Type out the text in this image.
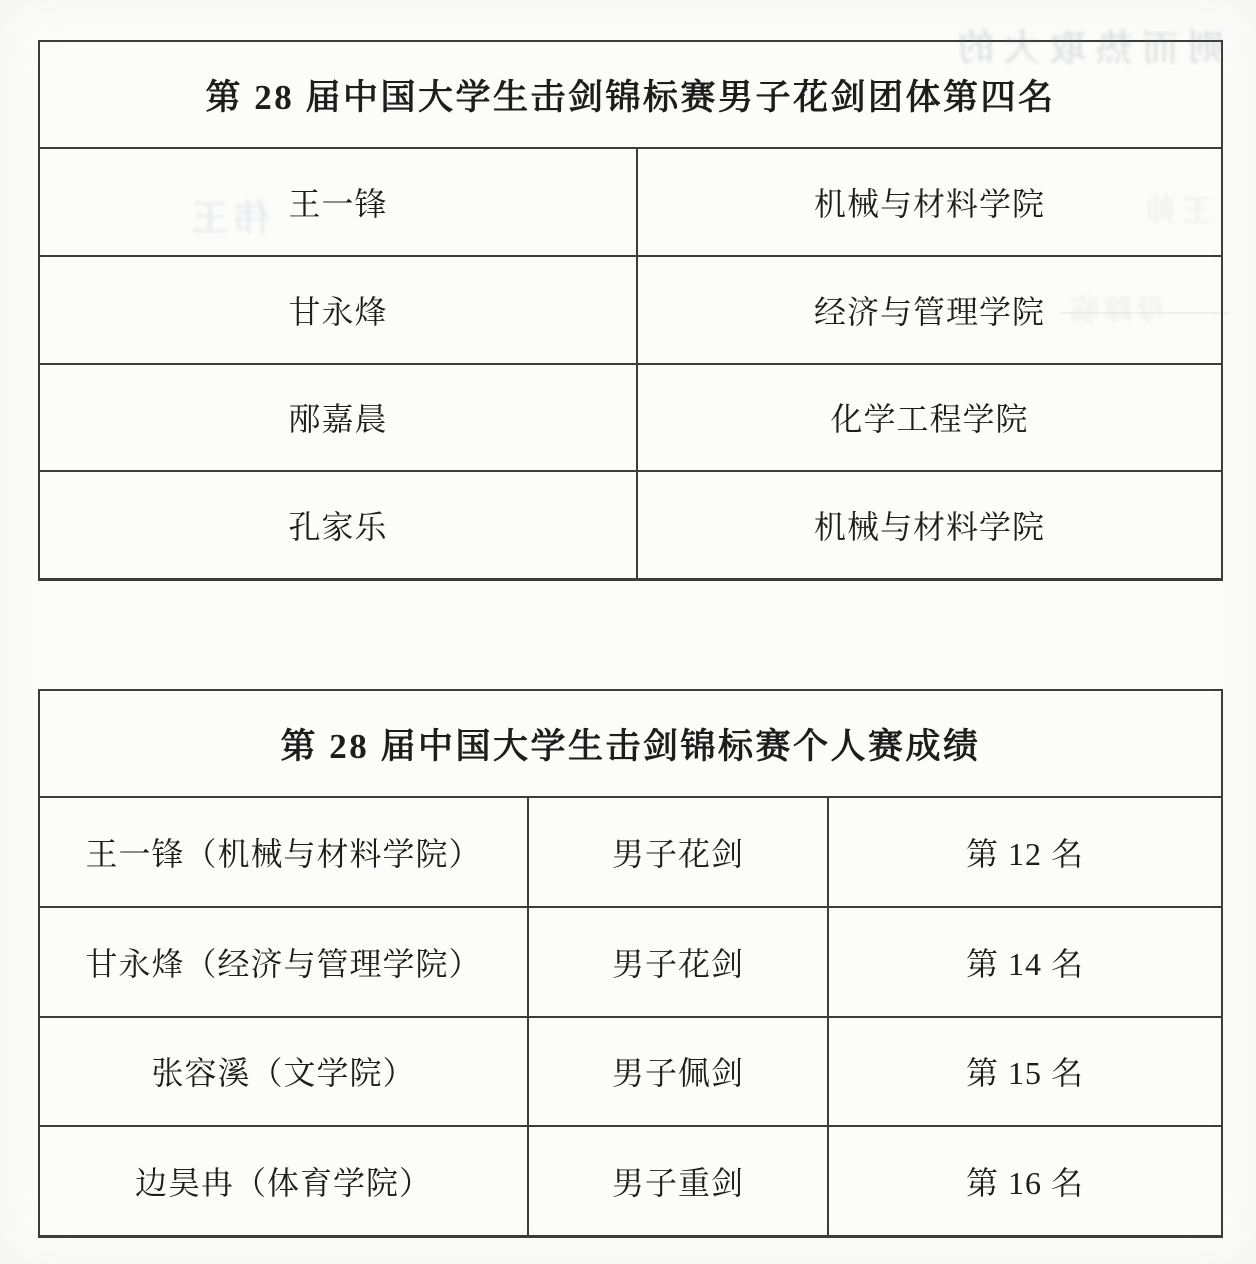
则而热取大的
伟王	王帅
母踪临
第 28 届中国大学生击剑锦标赛男子花剑团体第四名
王一锋	机械与材料学院
甘永烽	经济与管理学院
邴嘉晨	化学工程学院
孔家乐	机械与材料学院
第 28 届中国大学生击剑锦标赛个人赛成绩
王一锋（机械与材料学院）	男子花剑	第 12 名
甘永烽（经济与管理学院）	男子花剑	第 14 名
张容溪（文学院）	男子佩剑	第 15 名
边昊冉（体育学院）	男子重剑	第 16 名
